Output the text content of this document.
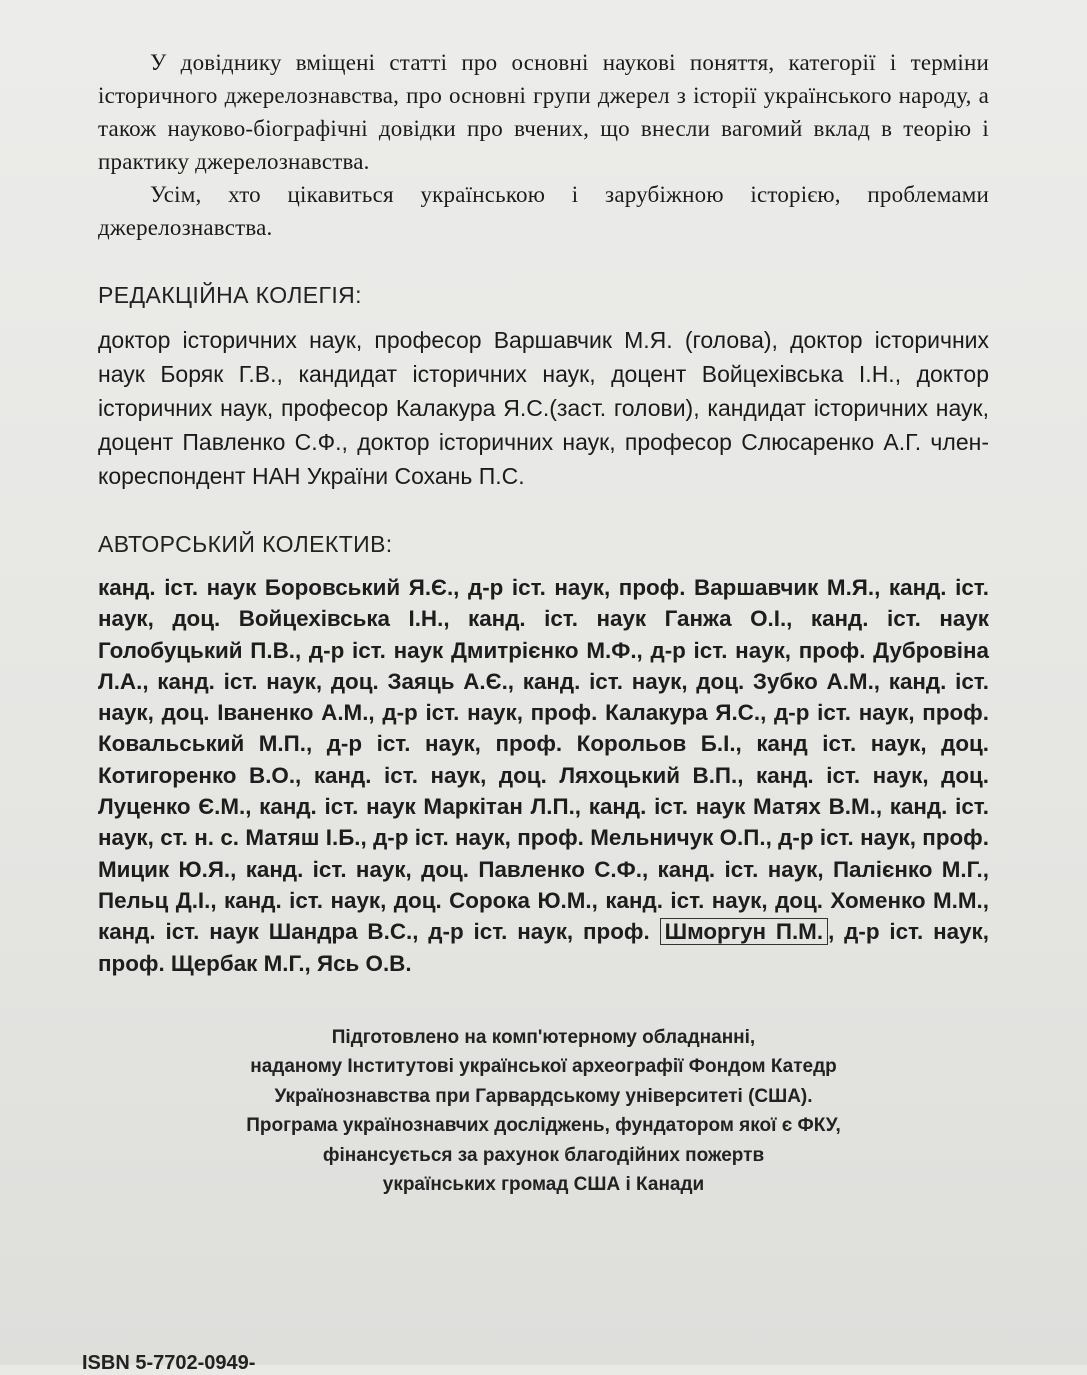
У довіднику вміщені статті про основні наукові поняття, категорії і терміни історичного джерелознавства, про основні групи джерел з історії українського народу, а також науково-біографічні довідки про вчених, що внесли вагомий вклад в теорію і практику джерелознавства.

Усім, хто цікавиться українською і зарубіжною історією, проблемами джерелознавства.

РЕДАКЦІЙНА КОЛЕГІЯ:

доктор історичних наук, професор Варшавчик М.Я. (голова), доктор історичних наук Боряк Г.В., кандидат історичних наук, доцент Войцехівська І.Н., доктор історичних наук, професор Калакура Я.С.(заст. голови), кандидат історичних наук, доцент Павленко С.Ф., доктор історичних наук, професор Слюсаренко А.Г. член-кореспондент НАН України Сохань П.С.

АВТОРСЬКИЙ КОЛЕКТИВ:

канд. іст. наук Боровський Я.Є., д-р іст. наук, проф. Варшавчик М.Я., канд. іст. наук, доц. Войцехівська І.Н., канд. іст. наук Ганжа О.І., канд. іст. наук Голобуцький П.В., д-р іст. наук Дмитрієнко М.Ф., д-р іст. наук, проф. Дубровіна Л.А., канд. іст. наук, доц. Заяць А.Є., канд. іст. наук, доц. Зубко А.М., канд. іст. наук, доц. Іваненко А.М., д-р іст. наук, проф. Калакура Я.С., д-р іст. наук, проф. Ковальський М.П., д-р іст. наук, проф. Корольов Б.І., канд іст. наук, доц. Котигоренко В.О., канд. іст. наук, доц. Ляхоцький В.П., канд. іст. наук, доц. Луценко Є.М., канд. іст. наук Маркітан Л.П., канд. іст. наук Матях В.М., канд. іст. наук, ст. н. с. Матяш І.Б., д-р іст. наук, проф. Мельничук О.П., д-р іст. наук, проф. Мицик Ю.Я., канд. іст. наук, доц. Павленко С.Ф., канд. іст. наук, Палієнко М.Г., Пельц Д.І., канд. іст. наук, доц. Сорока Ю.М., канд. іст. наук, доц. Хоменко М.М., канд. іст. наук Шандра В.С., д-р іст. наук, проф. Шморгун П.М. , д-р іст. наук, проф. Щербак М.Г., Ясь О.В.

Підготовлено на комп'ютерному обладнанні,
наданому Інститутові української археографії Фондом Катедр
Українознавства при Гарвардському університеті (США).
Програма українознавчих досліджень, фундатором якої є ФКУ,
фінансується за рахунок благодійних пожертв
українських громад США і Канади
ISBN 5-7702-0949-
